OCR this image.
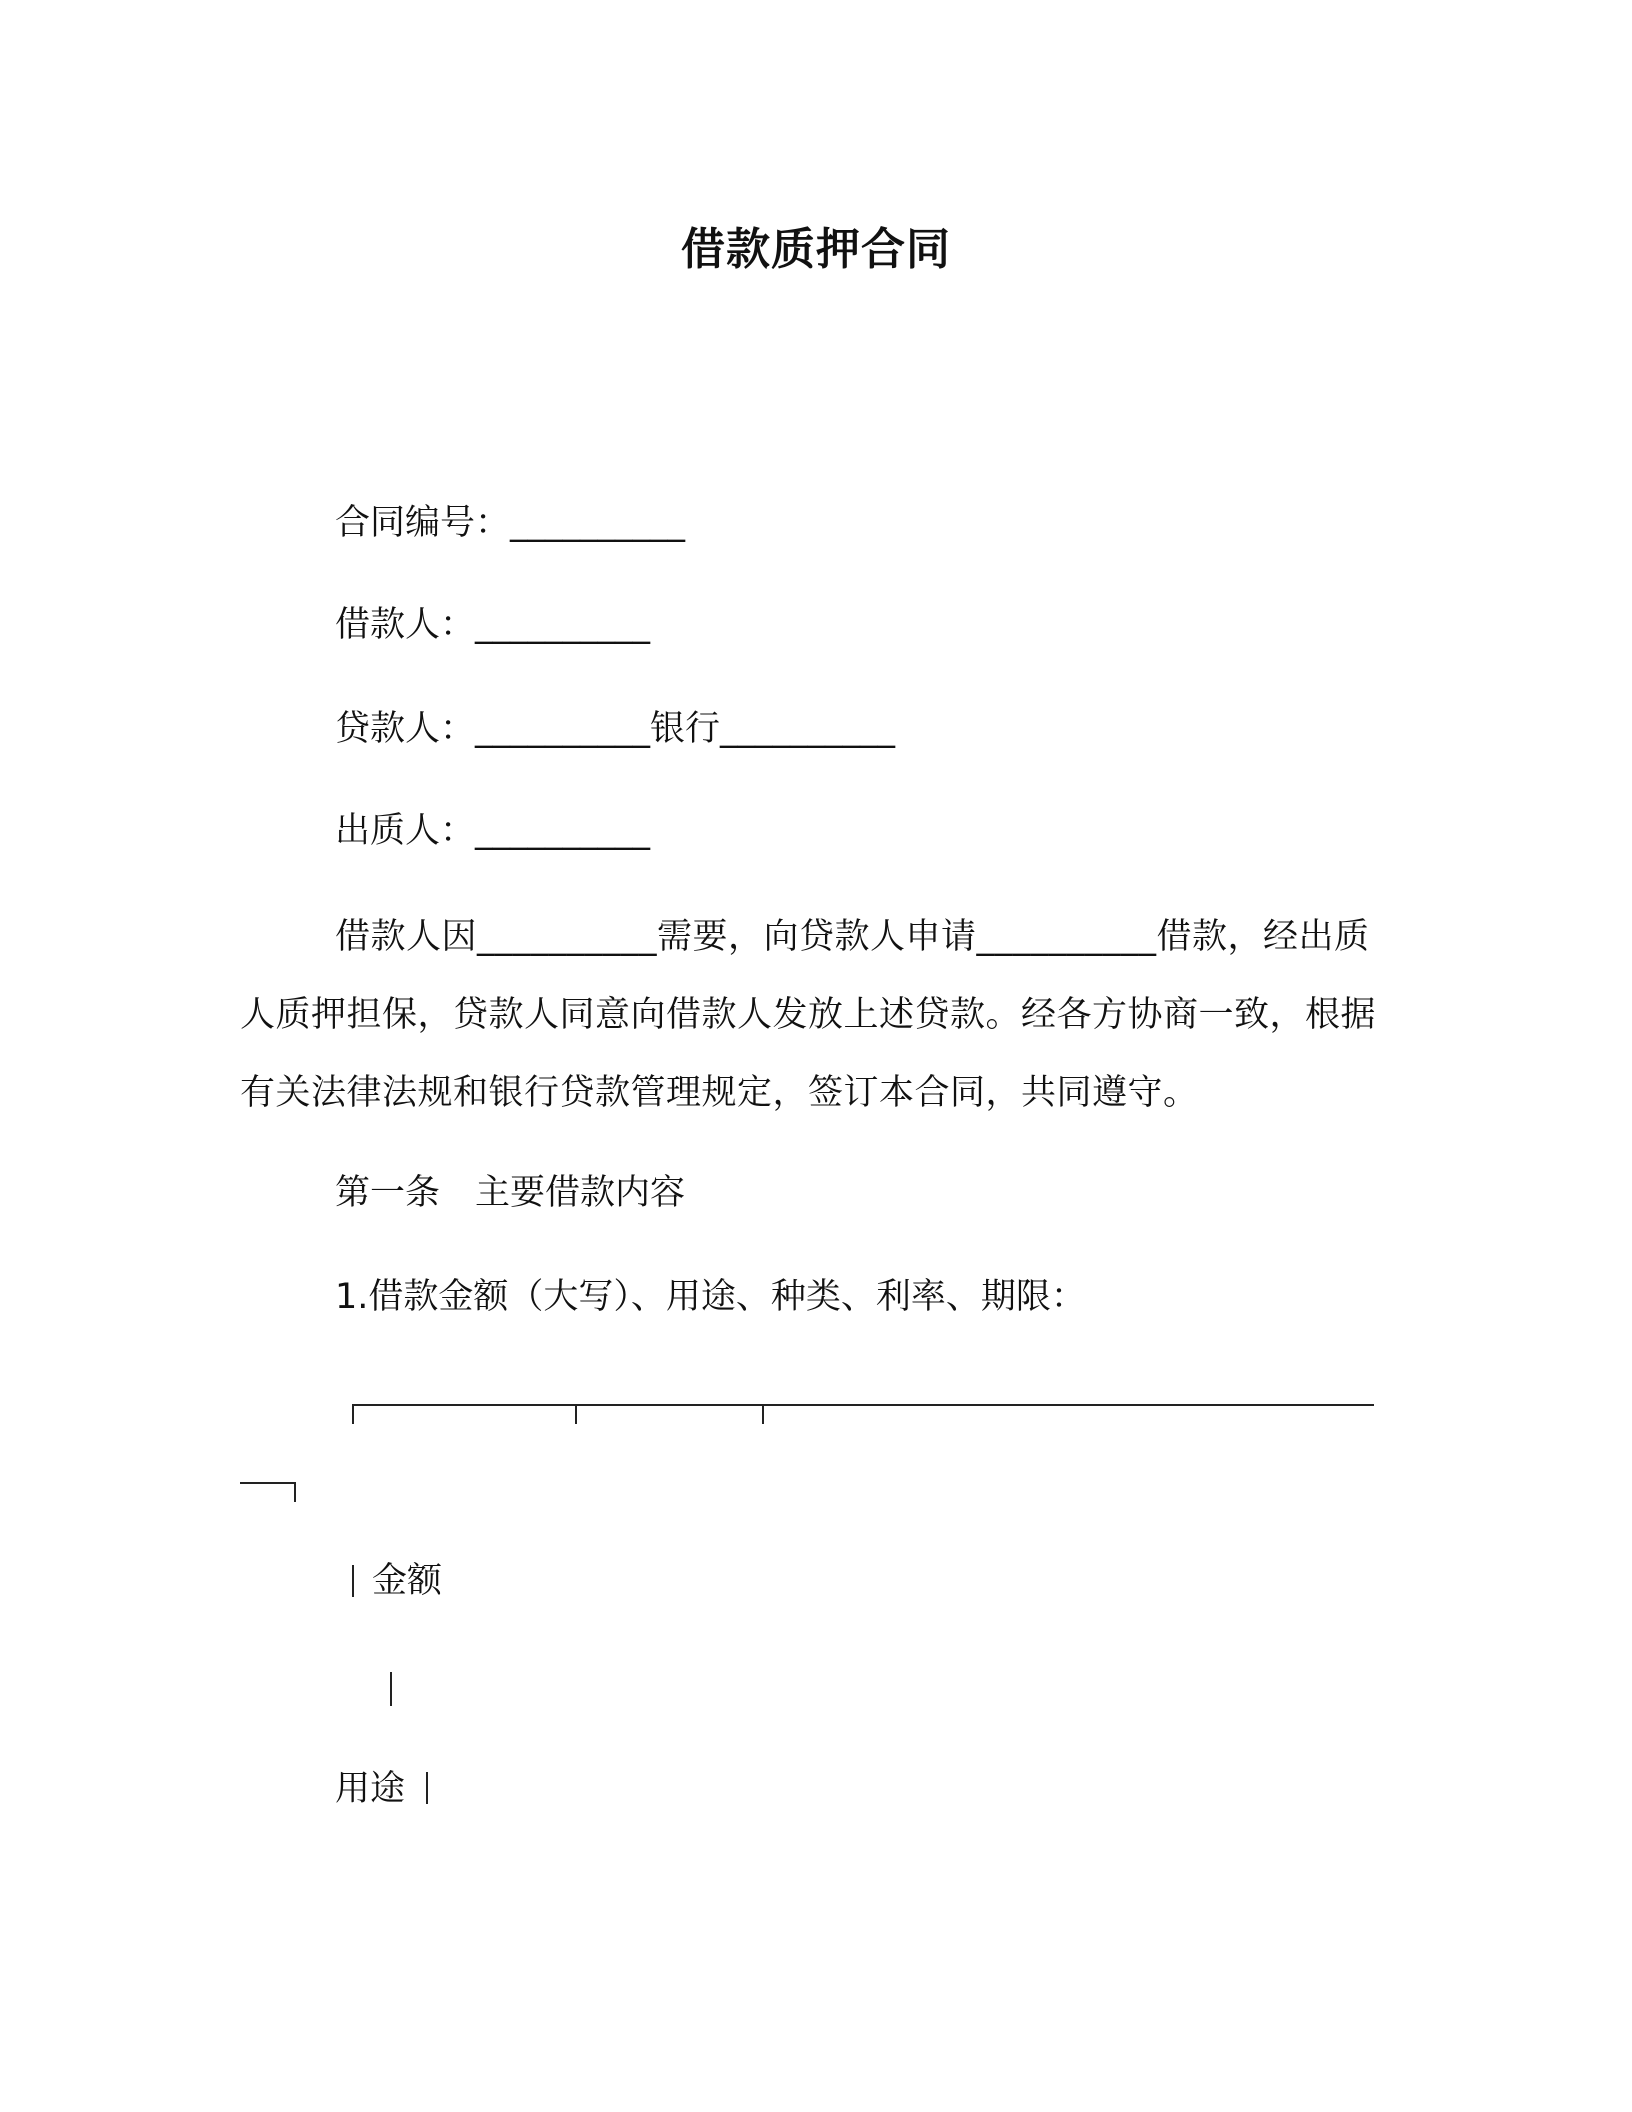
借款质押合同
合同编号：__________
借款人：__________
贷款人：__________银行__________
出质人：__________
借款人因__________需要，向贷款人申请__________借款，经出质人质押担保，贷款人同意向借款人发放上述贷款。经各方协商一致，根据有关法律法规和银行贷款管理规定，签订本合同，共同遵守。
第一条　主要借款内容
1.借款金额（大写）、用途、种类、利率、期限：
金额
用途
